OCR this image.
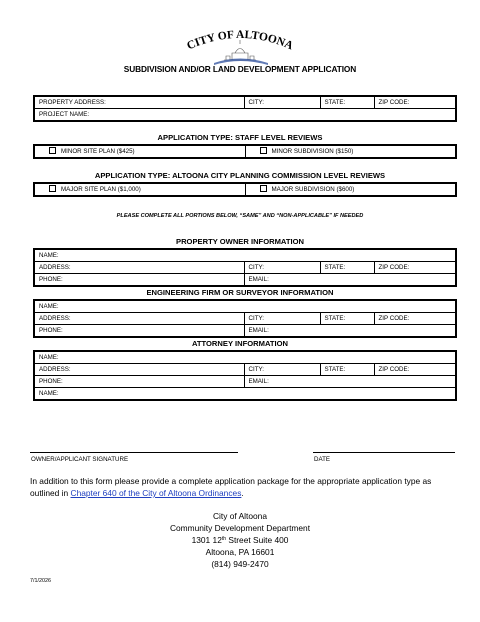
CITY OF ALTOONA
SUBDIVISION AND/OR LAND DEVELOPMENT APPLICATION
PROPERTY ADDRESS:	CITY:	STATE:	ZIP CODE:
PROJECT NAME:
APPLICATION TYPE: STAFF LEVEL REVIEWS
MINOR SITE PLAN ($425)	MINOR SUBDIVISION ($150)
APPLICATION TYPE: ALTOONA CITY PLANNING COMMISSION LEVEL REVIEWS
MAJOR SITE PLAN ($1,000)	MAJOR SUBDIVISION ($600)
PLEASE COMPLETE ALL PORTIONS BELOW, “SAME” AND “NON-APPLICABLE” IF NEEDED
PROPERTY OWNER INFORMATION
NAME:			
ADDRESS:	CITY:	STATE:	ZIP CODE:
PHONE:	EMAIL:		
ENGINEERING FIRM OR SURVEYOR INFORMATION
NAME:			
ADDRESS:	CITY:	STATE:	ZIP CODE:
PHONE:	EMAIL:		
ATTORNEY INFORMATION
NAME:			
ADDRESS:	CITY:	STATE:	ZIP CODE:
PHONE:	EMAIL:		
NAME:			
OWNER/APPLICANT SIGNATURE	DATE
In addition to this form please provide a complete application package for the appropriate application type as outlined in Chapter 640 of the City of Altoona Ordinances.
City of Altoona
Community Development Department
1301 12th Street Suite 400
Altoona, PA 16601
(814) 949-2470
7/1/2026
